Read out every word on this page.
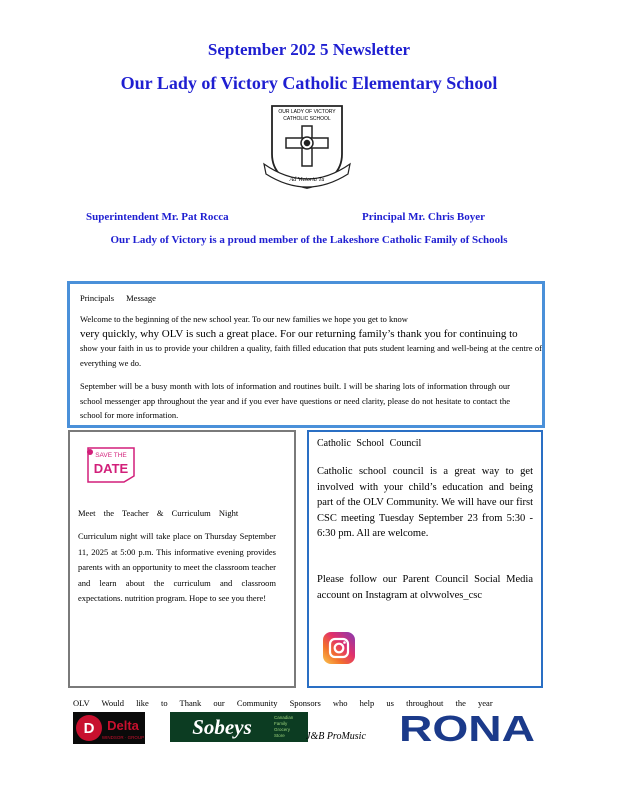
September 202 5 Newsletter
Our Lady of Victory Catholic Elementary School
OUR LADY OF VICTORY
CATHOLIC SCHOOL
Ad Victoria Tu
Superintendent Mr. Pat Rocca	Principal Mr. Chris Boyer
Our Lady of Victory is a proud member of the Lakeshore Catholic Family of Schools
Principals Message
Welcome to the beginning of the new school year. To our new families we hope you get to know
very quickly, why OLV is such a great place. For our returning family’s thank you for continuing to
show your faith in us to provide your children a quality, faith filled education that puts student learning and well-being at the centre of everything we do.
September will be a busy month with lots of information and routines built. I will be sharing lots of information through our school messenger app throughout the year and if you ever have questions or need clarity, please do not hesitate to contact the school for more information.
SAVE THE
DATE
Meet the Teacher & Curriculum Night
Curriculum night will take place on Thursday September 11, 2025 at 5:00 p.m. This informative evening provides parents with an opportunity to meet the classroom teacher and learn about the curriculum and classroom expectations. nutrition program. Hope to see you there!
Catholic School Council
Catholic school council is a great way to get involved with your child’s education and being part of the OLV Community. We will have our first CSC meeting Tuesday September 23 from 5:30 - 6:30 pm. All are welcome.
Please follow our Parent Council Social Media account on Instagram at olvwolves_csc
OLV Would like to Thank our Community Sponsors who help us throughout the year
D Delta
WINDSOR · GROUP Sobeys	Canadian
Family
Grocery
Store J&B ProMusic RONA
